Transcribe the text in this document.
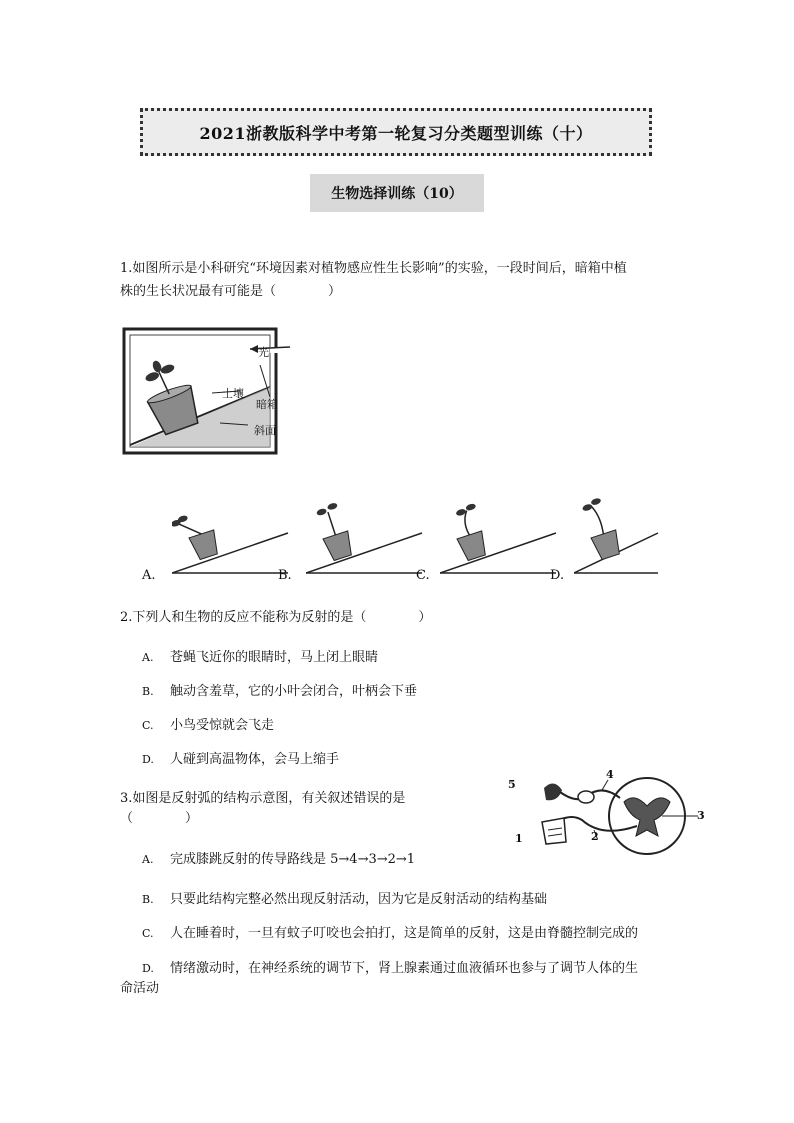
2021浙教版科学中考第一轮复习分类题型训练（十）
生物选择训练（10）
1.如图所示是小科研究“环境因素对植物感应性生长影响”的实验，一段时间后，暗箱中植
株的生长状况最有可能是（　　　　）
光
土壤
暗箱
斜面
A.	B.	C.	D.
2.下列人和生物的反应不能称为反射的是（　　　　）
A. 苍蝇飞近你的眼睛时，马上闭上眼睛
B. 触动含羞草，它的小叶会闭合，叶柄会下垂
C. 小鸟受惊就会飞走
D. 人碰到高温物体，会马上缩手
3.如图是反射弧的结构示意图，有关叙述错误的是
（　　　　）
5
4
3
2
1
A. 完成膝跳反射的传导路线是 5→4→3→2→1
B. 只要此结构完整必然出现反射活动，因为它是反射活动的结构基础
C. 人在睡着时，一旦有蚊子叮咬也会拍打，这是简单的反射，这是由脊髓控制完成的
D. 情绪激动时，在神经系统的调节下，肾上腺素通过血液循环也参与了调节人体的生
命活动
